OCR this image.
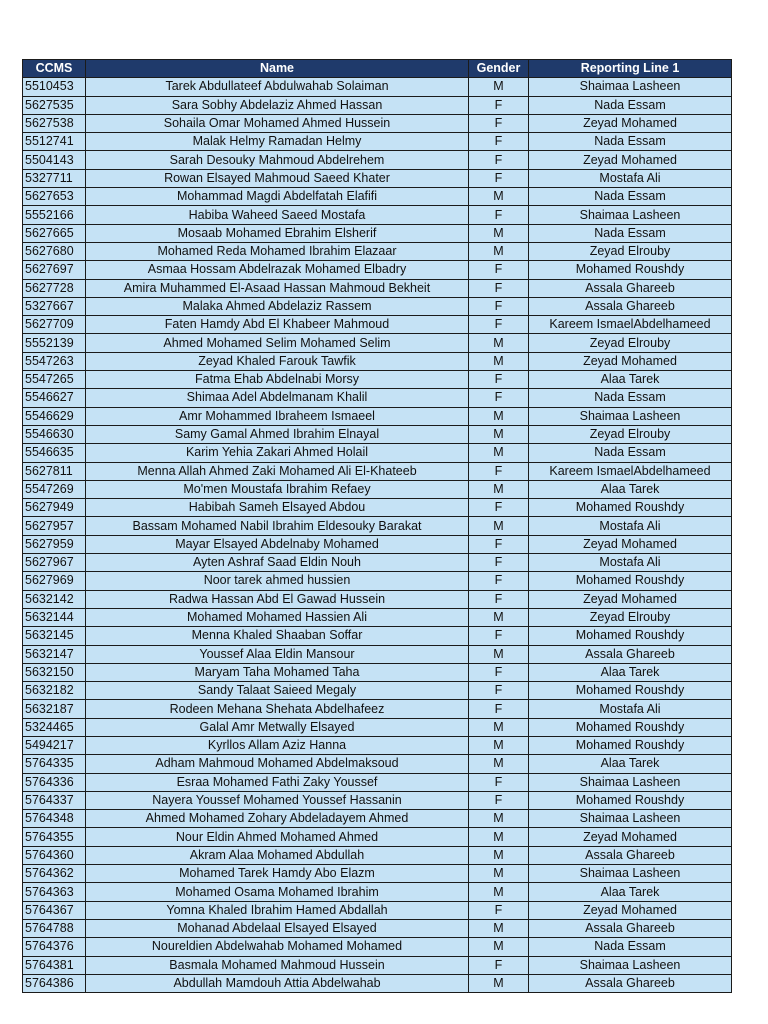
CCMS	Name	Gender	Reporting Line 1
5510453	Tarek Abdullateef Abdulwahab Solaiman	M	Shaimaa Lasheen
5627535	Sara Sobhy Abdelaziz Ahmed Hassan	F	Nada Essam
5627538	Sohaila Omar Mohamed Ahmed Hussein	F	Zeyad Mohamed
5512741	Malak Helmy Ramadan Helmy	F	Nada Essam
5504143	Sarah Desouky Mahmoud Abdelrehem	F	Zeyad Mohamed
5327711	Rowan Elsayed Mahmoud Saeed Khater	F	Mostafa Ali
5627653	Mohammad Magdi Abdelfatah Elafifi	M	Nada Essam
5552166	Habiba Waheed Saeed Mostafa	F	Shaimaa Lasheen
5627665	Mosaab Mohamed Ebrahim Elsherif	M	Nada Essam
5627680	Mohamed Reda Mohamed Ibrahim Elazaar	M	Zeyad Elrouby
5627697	Asmaa Hossam Abdelrazak Mohamed Elbadry	F	Mohamed Roushdy
5627728	Amira Muhammed El-Asaad Hassan Mahmoud Bekheit	F	Assala Ghareeb
5327667	Malaka Ahmed Abdelaziz Rassem	F	Assala Ghareeb
5627709	Faten Hamdy Abd El Khabeer Mahmoud	F	Kareem IsmaelAbdelhameed
5552139	Ahmed Mohamed Selim Mohamed Selim	M	Zeyad Elrouby
5547263	Zeyad Khaled Farouk Tawfik	M	Zeyad Mohamed
5547265	Fatma Ehab Abdelnabi Morsy	F	Alaa Tarek
5546627	Shimaa Adel Abdelmanam Khalil	F	Nada Essam
5546629	Amr Mohammed Ibraheem Ismaeel	M	Shaimaa Lasheen
5546630	Samy Gamal Ahmed Ibrahim Elnayal	M	Zeyad Elrouby
5546635	Karim Yehia Zakari Ahmed Holail	M	Nada Essam
5627811	Menna Allah Ahmed Zaki Mohamed Ali El-Khateeb	F	Kareem IsmaelAbdelhameed
5547269	Mo'men Moustafa Ibrahim Refaey	M	Alaa Tarek
5627949	Habibah Sameh Elsayed Abdou	F	Mohamed Roushdy
5627957	Bassam Mohamed Nabil Ibrahim Eldesouky Barakat	M	Mostafa Ali
5627959	Mayar Elsayed Abdelnaby Mohamed	F	Zeyad Mohamed
5627967	Ayten Ashraf Saad Eldin Nouh	F	Mostafa Ali
5627969	Noor tarek ahmed hussien	F	Mohamed Roushdy
5632142	Radwa Hassan Abd El Gawad Hussein	F	Zeyad Mohamed
5632144	Mohamed Mohamed Hassien Ali	M	Zeyad Elrouby
5632145	Menna Khaled Shaaban Soffar	F	Mohamed Roushdy
5632147	Youssef Alaa Eldin Mansour	M	Assala Ghareeb
5632150	Maryam Taha Mohamed Taha	F	Alaa Tarek
5632182	Sandy Talaat Saieed Megaly	F	Mohamed Roushdy
5632187	Rodeen Mehana Shehata Abdelhafeez	F	Mostafa Ali
5324465	Galal Amr Metwally Elsayed	M	Mohamed Roushdy
5494217	Kyrllos Allam Aziz Hanna	M	Mohamed Roushdy
5764335	Adham Mahmoud Mohamed Abdelmaksoud	M	Alaa Tarek
5764336	Esraa Mohamed Fathi Zaky Youssef	F	Shaimaa Lasheen
5764337	Nayera Youssef Mohamed Youssef Hassanin	F	Mohamed Roushdy
5764348	Ahmed Mohamed Zohary Abdeladayem Ahmed	M	Shaimaa Lasheen
5764355	Nour Eldin Ahmed Mohamed Ahmed	M	Zeyad Mohamed
5764360	Akram Alaa Mohamed Abdullah	M	Assala Ghareeb
5764362	Mohamed Tarek Hamdy Abo Elazm	M	Shaimaa Lasheen
5764363	Mohamed Osama Mohamed Ibrahim	M	Alaa Tarek
5764367	Yomna Khaled Ibrahim Hamed Abdallah	F	Zeyad Mohamed
5764788	Mohanad Abdelaal Elsayed Elsayed	M	Assala Ghareeb
5764376	Noureldien Abdelwahab Mohamed Mohamed	M	Nada Essam
5764381	Basmala Mohamed Mahmoud Hussein	F	Shaimaa Lasheen
5764386	Abdullah Mamdouh Attia Abdelwahab	M	Assala Ghareeb
